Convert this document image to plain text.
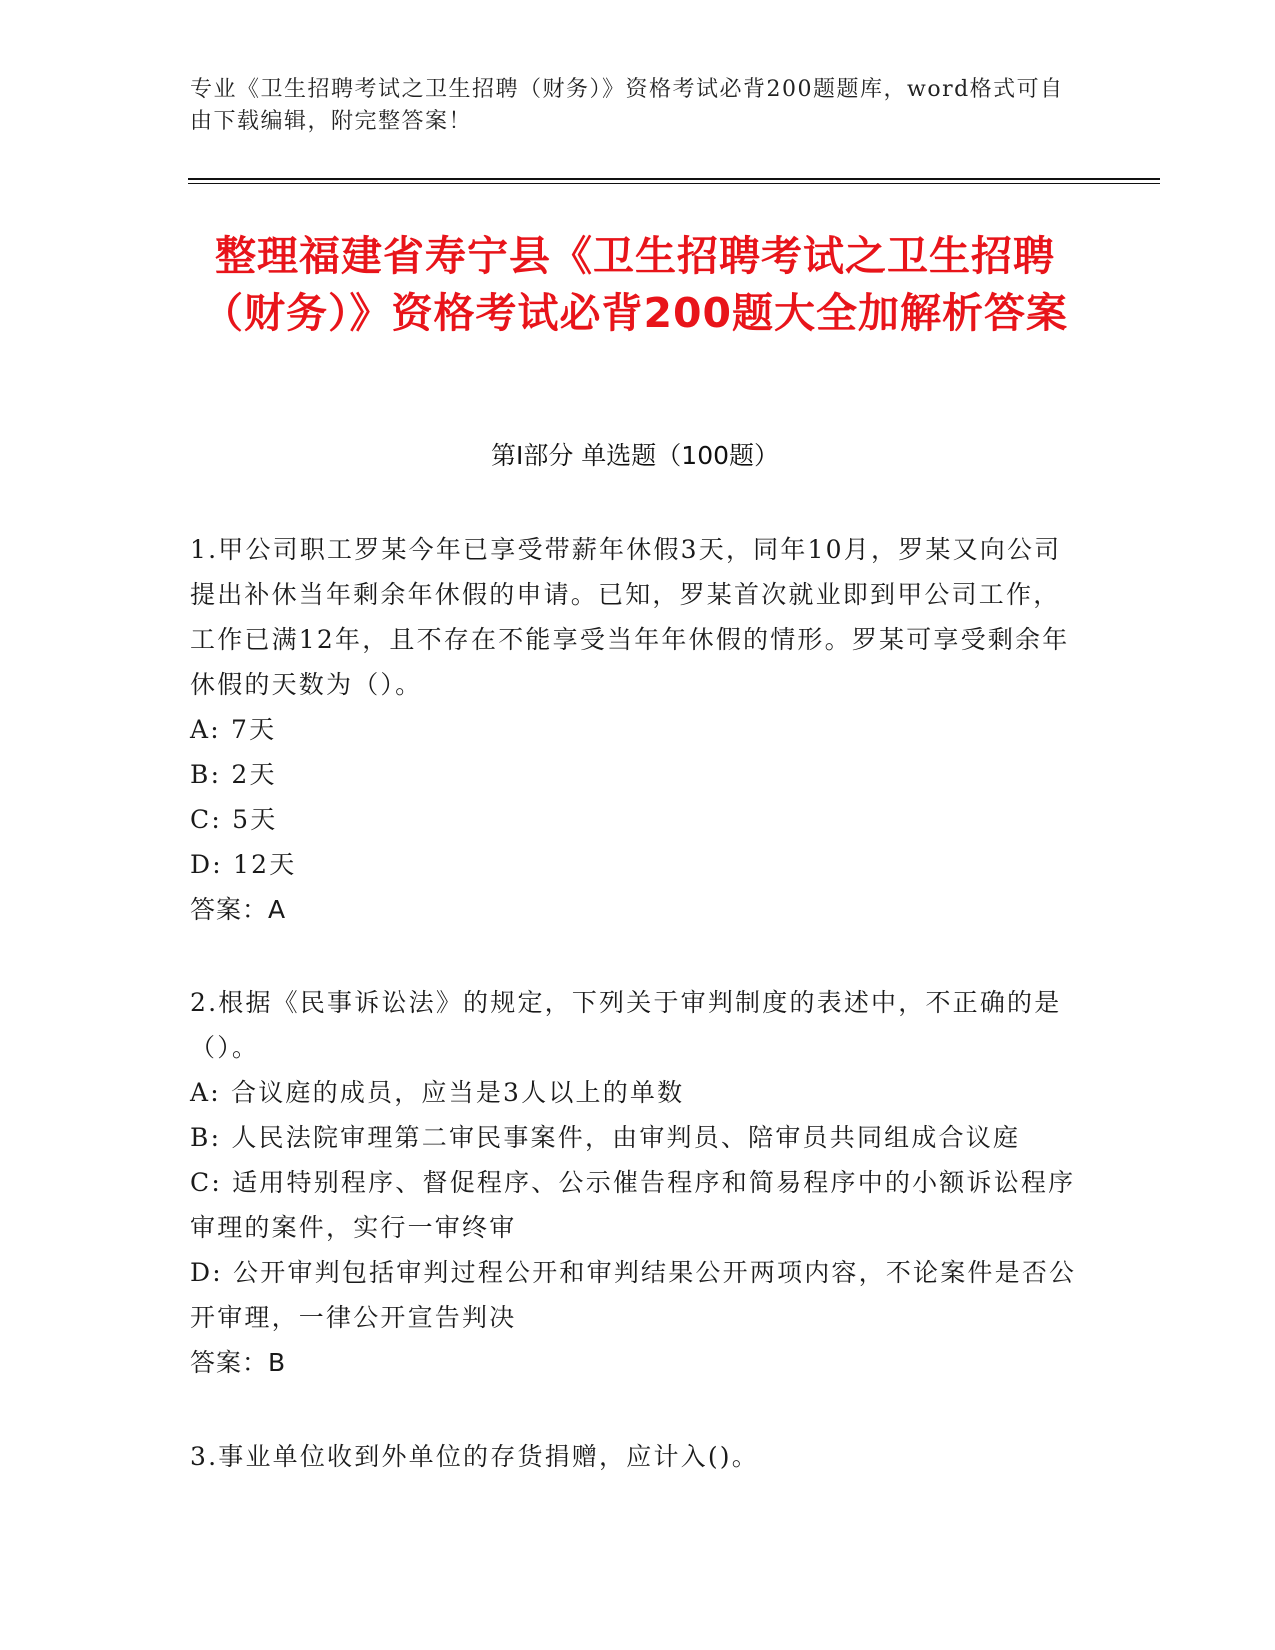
专业《卫生招聘考试之卫生招聘（财务）》资格考试必背200题题库，word格式可自由下载编辑，附完整答案！
整理福建省寿宁县《卫生招聘考试之卫生招聘（财务）》资格考试必背200题大全加解析答案
第Ⅰ部分 单选题（100题）

1.甲公司职工罗某今年已享受带薪年休假3天，同年10月，罗某又向公司提出补休当年剩余年休假的申请。已知，罗某首次就业即到甲公司工作，工作已满12年，且不存在不能享受当年年休假的情形。罗某可享受剩余年休假的天数为（）。

A: 7天

B: 2天

C: 5天

D: 12天

答案：A

2.根据《民事诉讼法》的规定，下列关于审判制度的表述中，不正确的是（）。

A: 合议庭的成员，应当是3人以上的单数

B: 人民法院审理第二审民事案件，由审判员、陪审员共同组成合议庭

C: 适用特别程序、督促程序、公示催告程序和简易程序中的小额诉讼程序审理的案件，实行一审终审

D: 公开审判包括审判过程公开和审判结果公开两项内容，不论案件是否公开审理，一律公开宣告判决

答案：B

3.事业单位收到外单位的存货捐赠，应计入()。
